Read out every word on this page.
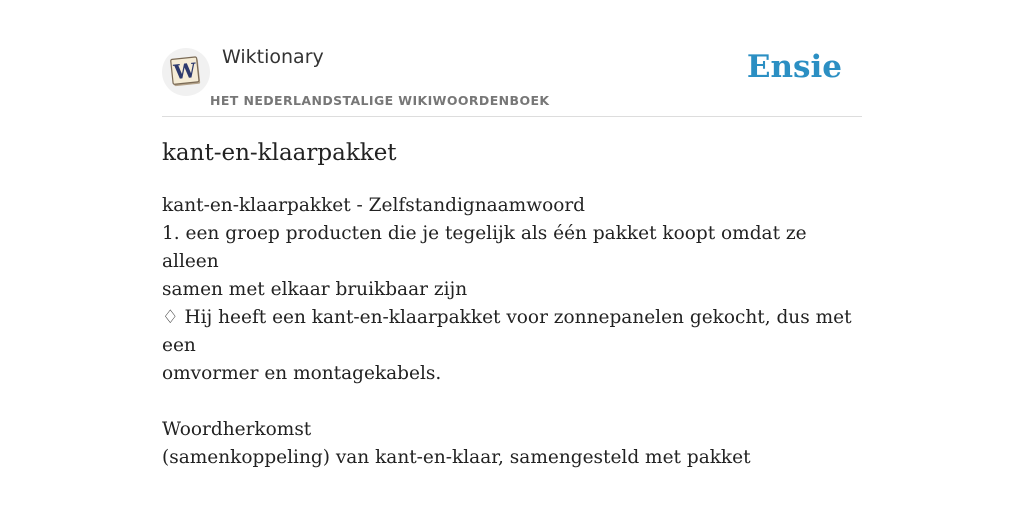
W
Wiktionary
HET NEDERLANDSTALIGE WIKIWOORDENBOEK
Ensie
kant-en-klaarpakket
kant-en-klaarpakket - Zelfstandignaamwoord
1. een groep producten die je tegelijk als één pakket koopt omdat ze alleen
samen met elkaar bruikbaar zijn
♢ Hij heeft een kant-en-klaarpakket voor zonnepanelen gekocht, dus met een
omvormer en montagekabels.
Woordherkomst
(samenkoppeling) van kant-en-klaar, samengesteld met pakket
